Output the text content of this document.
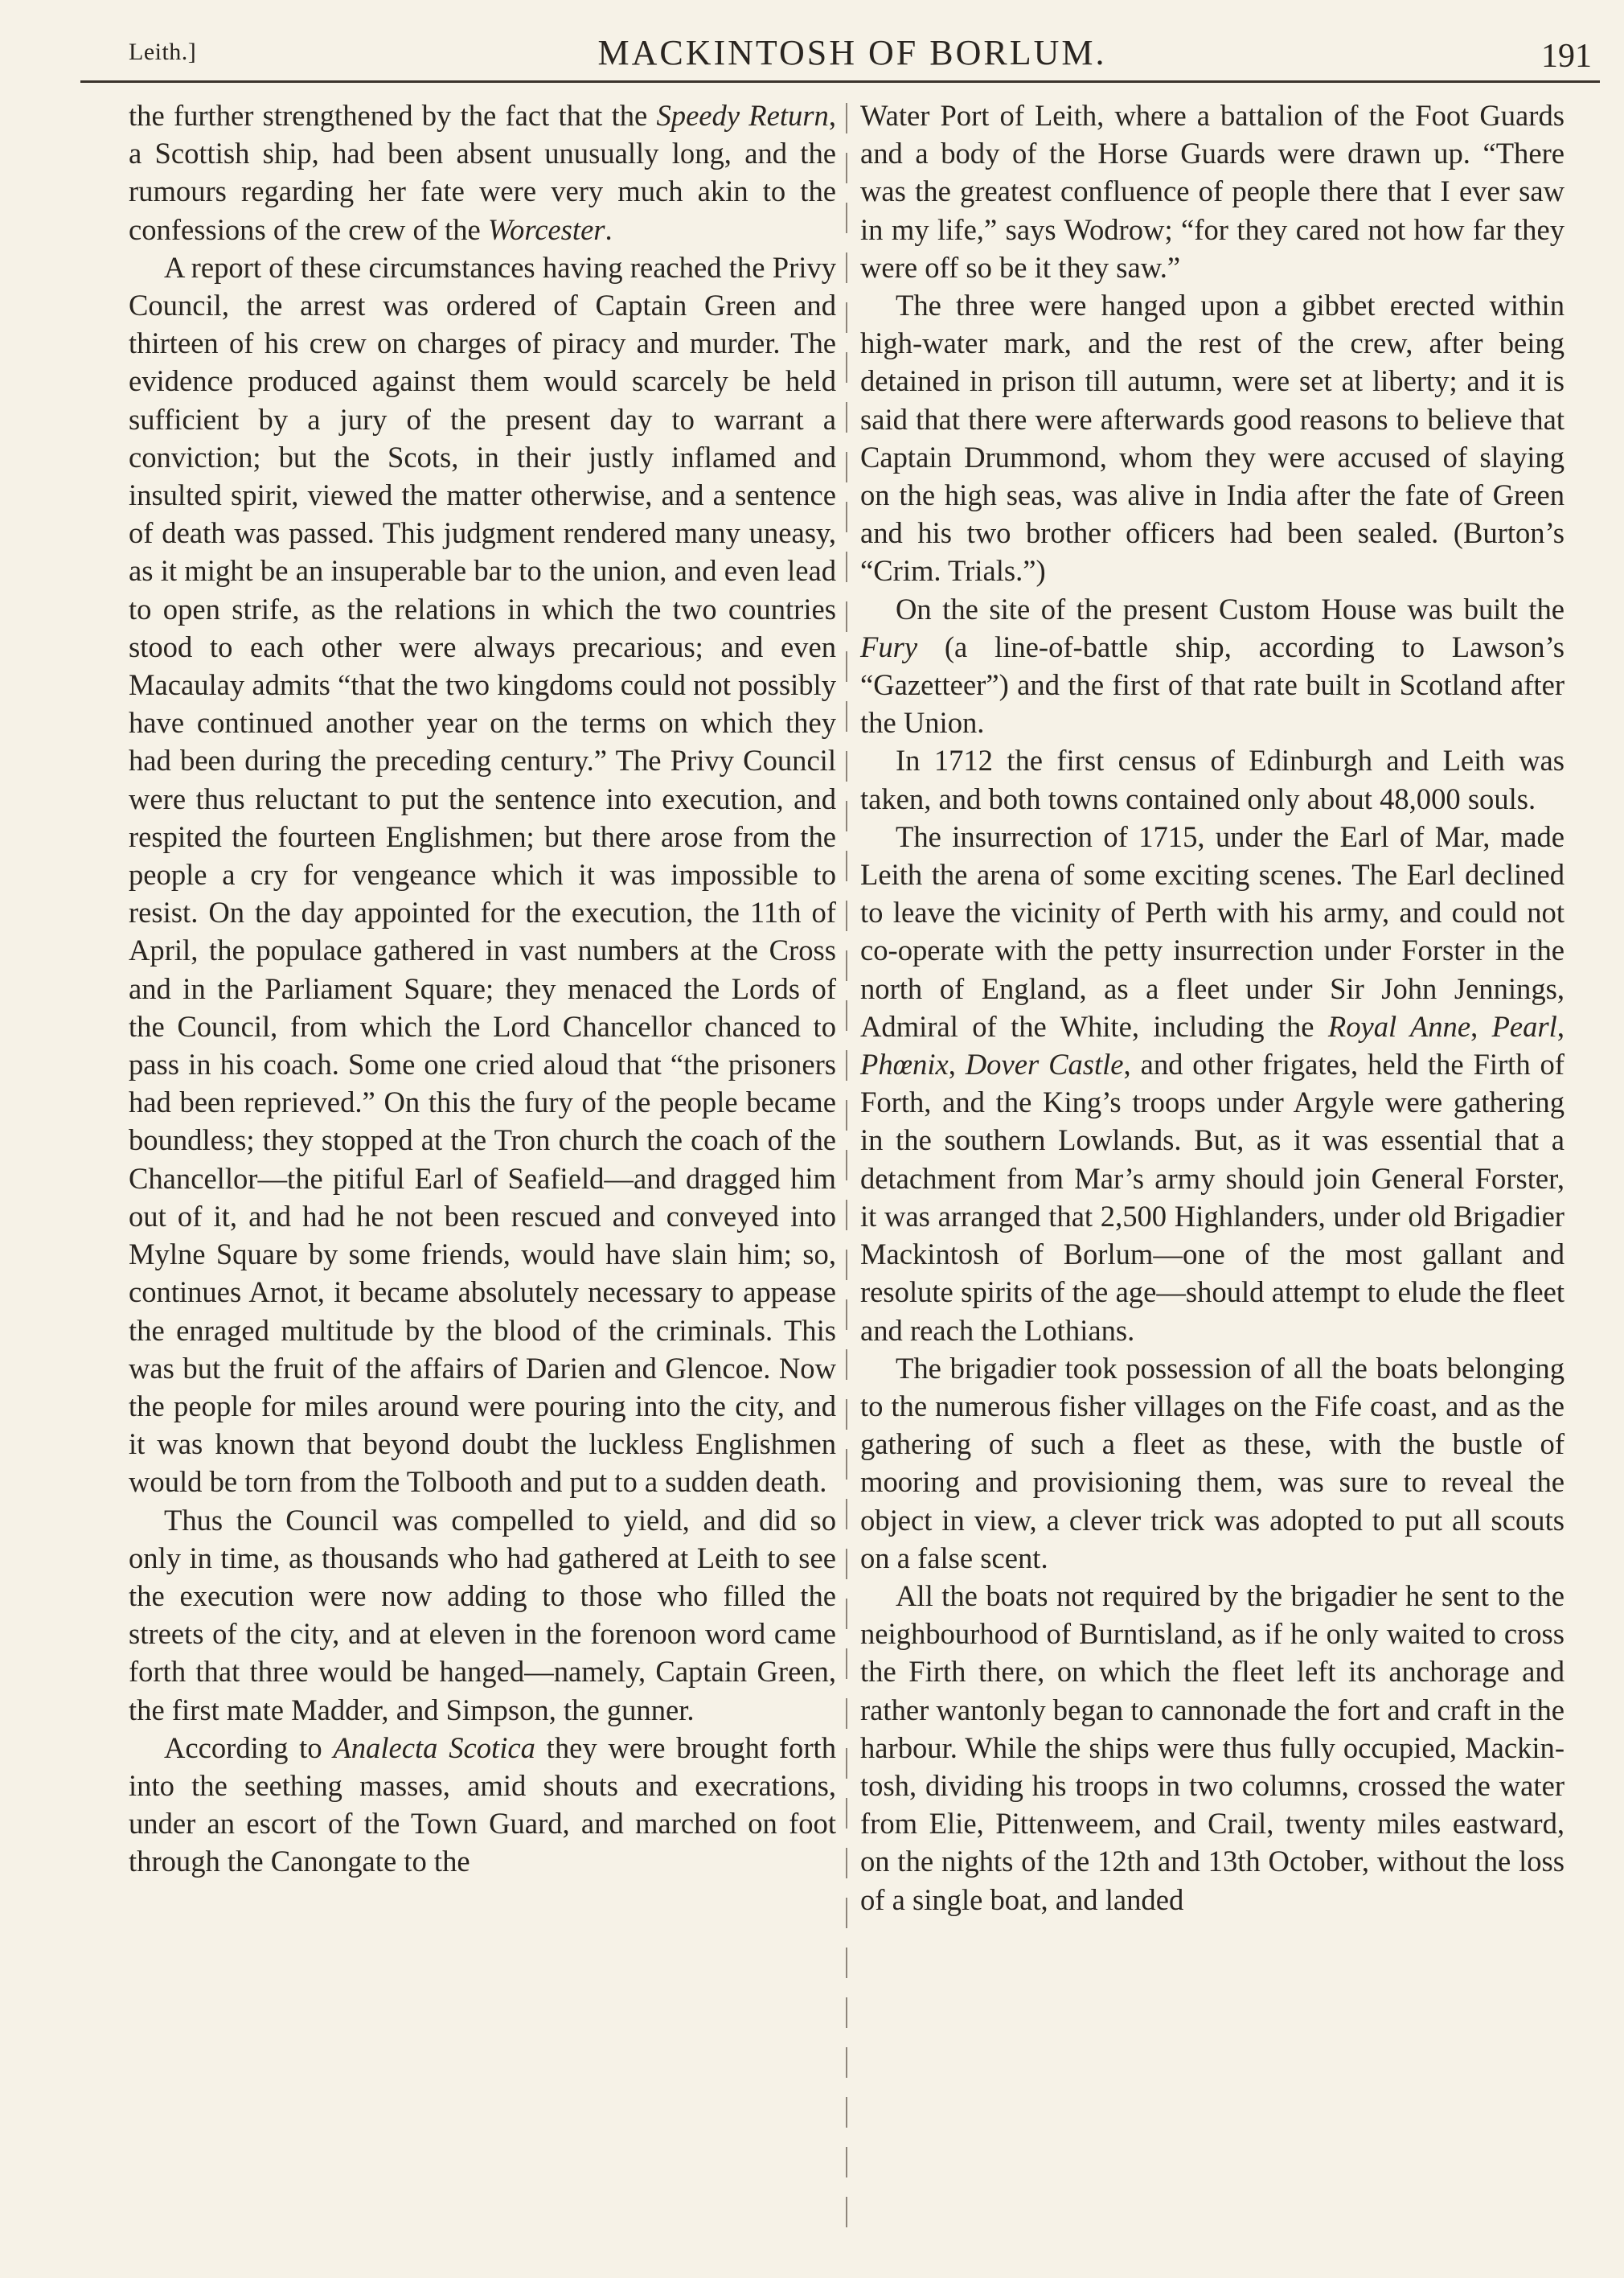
Leith.]	MACKINTOSH OF BORLUM.	191

the further strengthened by the fact that the Speedy Return, a Scottish ship, had been absent unusually long, and the rumours regarding her fate were very much akin to the confessions of the crew of the Worcester.

A report of these circumstances having reached the Privy Council, the arrest was ordered of Captain Green and thirteen of his crew on charges of piracy and murder. The evidence produced against them would scarcely be held sufficient by a jury of the present day to warrant a conviction; but the Scots, in their justly inflamed and insulted spirit, viewed the matter otherwise, and a sentence of death was passed. This judgment rendered many uneasy, as it might be an insuperable bar to the union, and even lead to open strife, as the relations in which the two countries stood to each other were always precarious; and even Macaulay admits “that the two kingdoms could not possibly have continued another year on the terms on which they had been during the preceding century.” The Privy Council were thus reluctant to put the sentence into execution, and respited the fourteen Englishmen; but there arose from the people a cry for vengeance which it was impossible to resist. On the day appointed for the execution, the 11th of April, the populace gathered in vast numbers at the Cross and in the Parliament Square; they menaced the Lords of the Council, from which the Lord Chancellor chanced to pass in his coach. Some one cried aloud that “the prisoners had been reprieved.” On this the fury of the people became boundless; they stopped at the Tron church the coach of the Chancellor—the pitiful Earl of Seafield—and dragged him out of it, and had he not been rescued and conveyed into Mylne Square by some friends, would have slain him; so, continues Arnot, it became absolutely necessary to appease the enraged multitude by the blood of the criminals. This was but the fruit of the affairs of Darien and Glencoe. Now the people for miles around were pouring into the city, and it was known that beyond doubt the luckless Englishmen would be torn from the Tolbooth and put to a sudden death.

Thus the Council was compelled to yield, and did so only in time, as thousands who had gathered at Leith to see the execution were now adding to those who filled the streets of the city, and at eleven in the forenoon word came forth that three would be hanged—namely, Captain Green, the first mate Madder, and Simpson, the gunner.

According to Analecta Scotica they were brought forth into the seething masses, amid shouts and execrations, under an escort of the Town Guard, and marched on foot through the Canongate to the

Water Port of Leith, where a battalion of the Foot Guards and a body of the Horse Guards were drawn up. “There was the greatest confluence of people there that I ever saw in my life,” says Wodrow; “for they cared not how far they were off so be it they saw.”

The three were hanged upon a gibbet erected within high-water mark, and the rest of the crew, after being detained in prison till autumn, were set at liberty; and it is said that there were afterwards good reasons to believe that Captain Drummond, whom they were accused of slaying on the high seas, was alive in India after the fate of Green and his two brother officers had been sealed. (Burton’s “Crim. Trials.”)

On the site of the present Custom House was built the Fury (a line-of-battle ship, according to Lawson’s “Gazetteer”) and the first of that rate built in Scotland after the Union.

In 1712 the first census of Edinburgh and Leith was taken, and both towns contained only about 48,000 souls.

The insurrection of 1715, under the Earl of Mar, made Leith the arena of some exciting scenes. The Earl declined to leave the vicinity of Perth with his army, and could not co-operate with the petty insurrection under Forster in the north of England, as a fleet under Sir John Jennings, Admiral of the White, including the Royal Anne, Pearl, Phœnix, Dover Castle, and other frigates, held the Firth of Forth, and the King’s troops under Argyle were gathering in the southern Lowlands. But, as it was essential that a detachment from Mar’s army should join General Forster, it was arranged that 2,500 Highlanders, under old Brigadier Mackintosh of Borlum—one of the most gallant and resolute spirits of the age—should attempt to elude the fleet and reach the Lothians.

The brigadier took possession of all the boats belonging to the numerous fisher villages on the Fife coast, and as the gathering of such a fleet as these, with the bustle of mooring and provisioning them, was sure to reveal the object in view, a clever trick was adopted to put all scouts on a false scent.

All the boats not required by the brigadier he sent to the neighbourhood of Burntisland, as if he only waited to cross the Firth there, on which the fleet left its anchorage and rather wantonly began to cannonade the fort and craft in the harbour. While the ships were thus fully occupied, Mackintosh, dividing his troops in two columns, crossed the water from Elie, Pittenweem, and Crail, twenty miles eastward, on the nights of the 12th and 13th October, without the loss of a single boat, and landed
